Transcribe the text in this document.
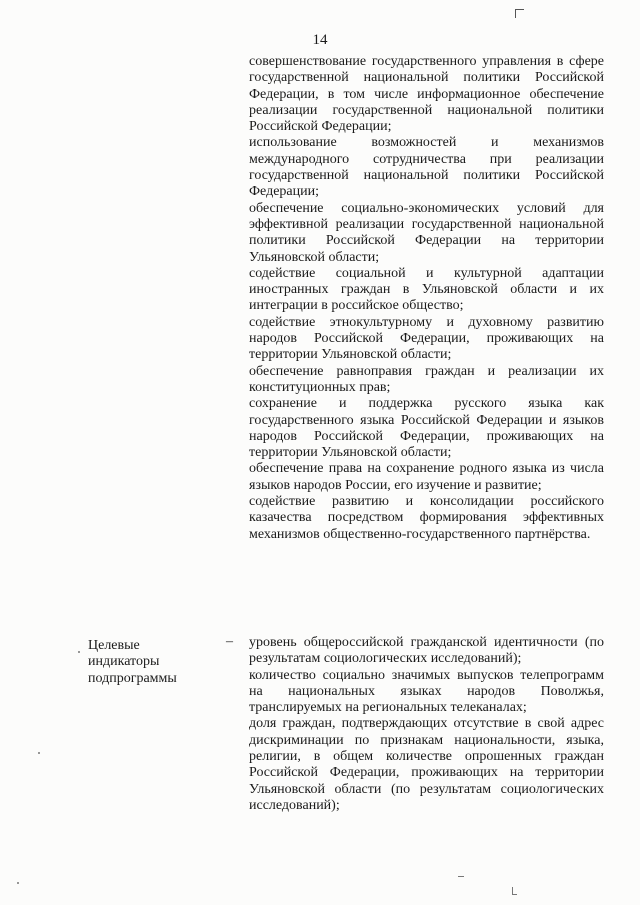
14

совершенствование государственного управления в сфере государственной национальной политики Российской Федерации, в том числе информационное обеспечение реализации государственной национальной политики Российской Федерации;

использование возможностей и механизмов международного сотрудничества при реализации государственной национальной политики Российской Федерации;

обеспечение социально-экономических условий для эффективной реализации государственной национальной политики Российской Федерации на территории Ульяновской области;

содействие социальной и культурной адаптации иностранных граждан в Ульяновской области и их интеграции в российское общество;

содействие этнокультурному и духовному развитию народов Российской Федерации, проживающих на территории Ульяновской области;

обеспечение равноправия граждан и реализации их конституционных прав;

сохранение и поддержка русского языка как государственного языка Российской Федерации и языков народов Российской Федерации, проживающих на территории Ульяновской области;

обеспечение права на сохранение родного языка из числа языков народов России, его изучение и развитие;

содействие развитию и консолидации российского казачества посредством формирования эффективных механизмов общественно-государственного партнёрства.

Целевые

индикаторы

подпрограммы

– уровень общероссийской гражданской идентичности (по результатам социологических исследований);

количество социально значимых выпусков телепрограмм на национальных языках народов Поволжья, транслируемых на региональных телеканалах;

доля граждан, подтверждающих отсутствие в свой адрес дискриминации по признакам национальности, языка, религии, в общем количестве опрошенных граждан Российской Федерации, проживающих на территории Ульяновской области (по результатам социологических исследований);
